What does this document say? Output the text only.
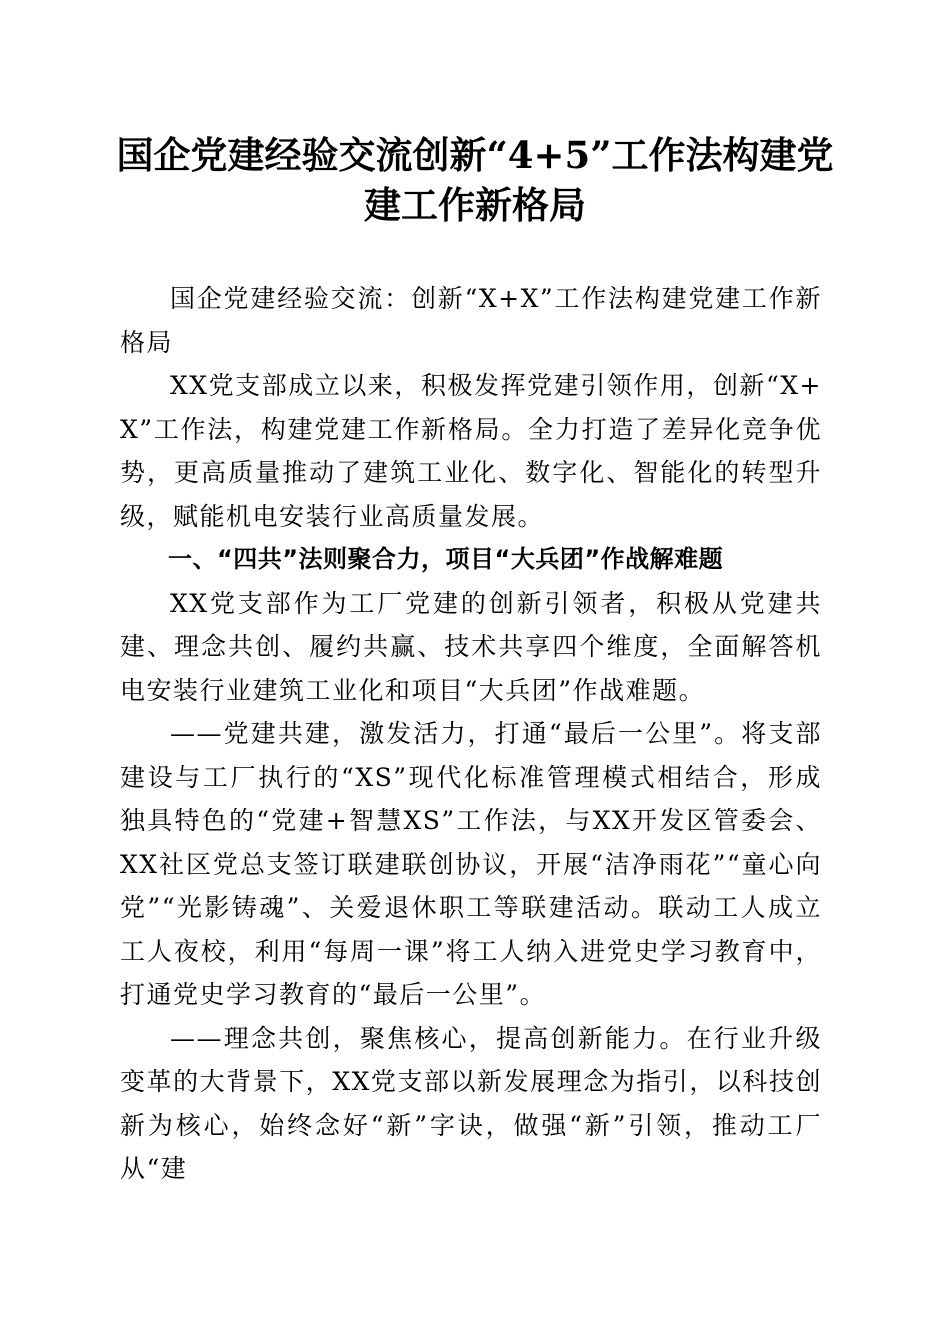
国企党建经验交流创新“4+5”工作法构建党建工作新格局

国企党建经验交流：创新“X+X”工作法构建党建工作新格局

XX党支部成立以来，积极发挥党建引领作用，创新“X+X”工作法，构建党建工作新格局。全力打造了差异化竞争优势，更高质量推动了建筑工业化、数字化、智能化的转型升级，赋能机电安装行业高质量发展。

一、“四共”法则聚合力，项目“大兵团”作战解难题

XX党支部作为工厂党建的创新引领者，积极从党建共建、理念共创、履约共赢、技术共享四个维度，全面解答机电安装行业建筑工业化和项目“大兵团”作战难题。

——党建共建，激发活力，打通“最后一公里”。将支部建设与工厂执行的“XS”现代化标准管理模式相结合，形成独具特色的“党建+智慧XS”工作法，与XX开发区管委会、XX社区党总支签订联建联创协议，开展“洁净雨花”“童心向党”“光影铸魂”、关爱退休职工等联建活动。联动工人成立工人夜校，利用“每周一课”将工人纳入进党史学习教育中，打通党史学习教育的“最后一公里”。

——理念共创，聚焦核心，提高创新能力。在行业升级变革的大背景下，XX党支部以新发展理念为指引，以科技创新为核心，始终念好“新”字诀，做强“新”引领，推动工厂从“建
